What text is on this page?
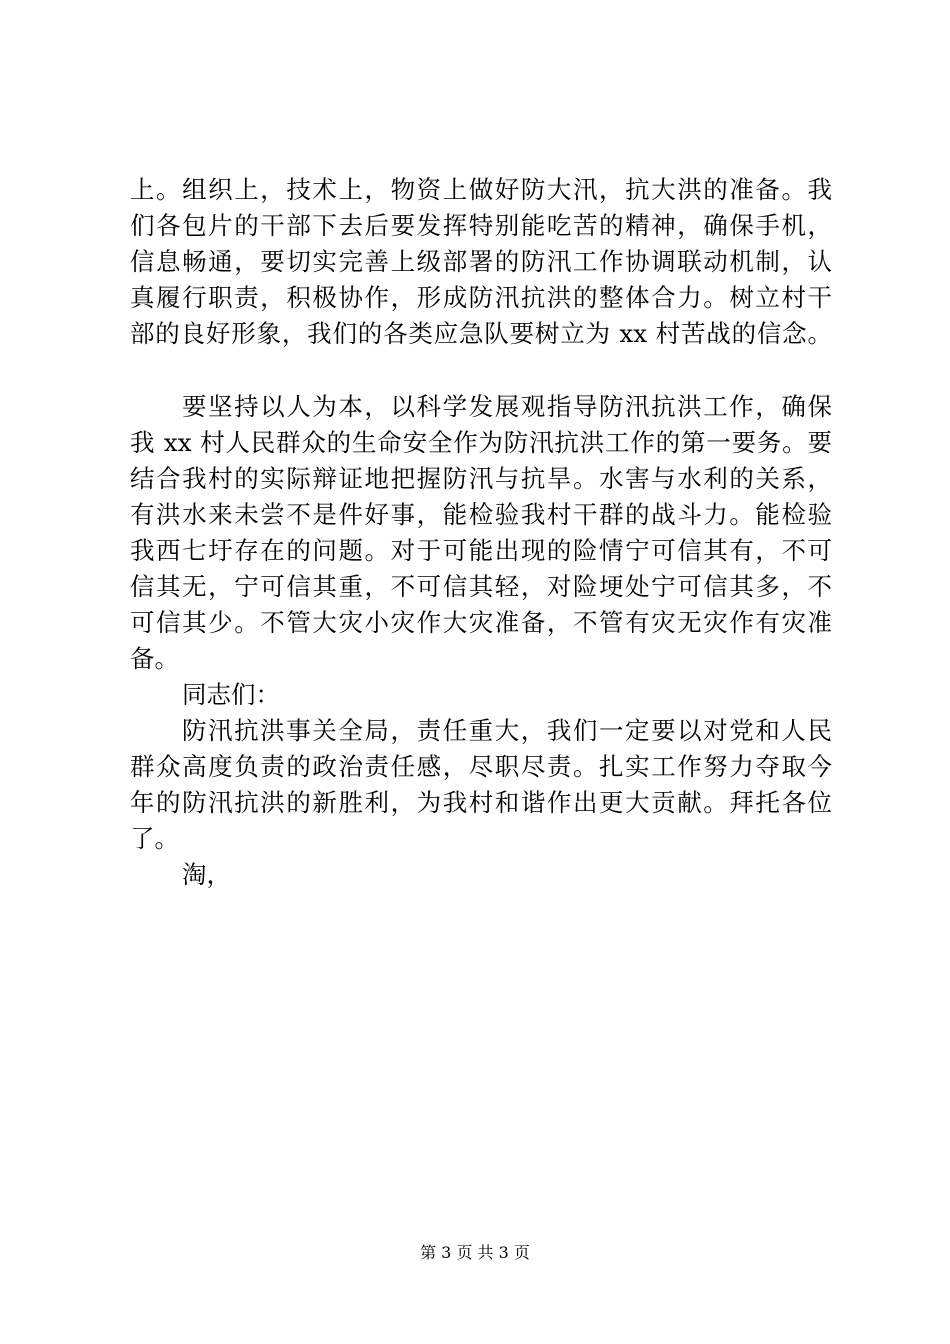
上。组织上，技术上，物资上做好防大汛，抗大洪的准备。我
们各包片的干部下去后要发挥特别能吃苦的精神，确保手机，
信息畅通，要切实完善上级部署的防汛工作协调联动机制，认
真履行职责，积极协作，形成防汛抗洪的整体合力。树立村干
部的良好形象，我们的各类应急队要树立为 xx 村苦战的信念。
要坚持以人为本，以科学发展观指导防汛抗洪工作，确保
我 xx 村人民群众的生命安全作为防汛抗洪工作的第一要务。要
结合我村的实际辩证地把握防汛与抗旱。水害与水利的关系，
有洪水来未尝不是件好事，能检验我村干群的战斗力。能检验
我西七圩存在的问题。对于可能出现的险情宁可信其有，不可
信其无，宁可信其重，不可信其轻，对险埂处宁可信其多，不
可信其少。不管大灾小灾作大灾准备，不管有灾无灾作有灾准
备。
同志们：
防汛抗洪事关全局，责任重大，我们一定要以对党和人民
群众高度负责的政治责任感，尽职尽责。扎实工作努力夺取今
年的防汛抗洪的新胜利，为我村和谐作出更大贡献。拜托各位
了。
淘，
第 3 页 共 3 页
